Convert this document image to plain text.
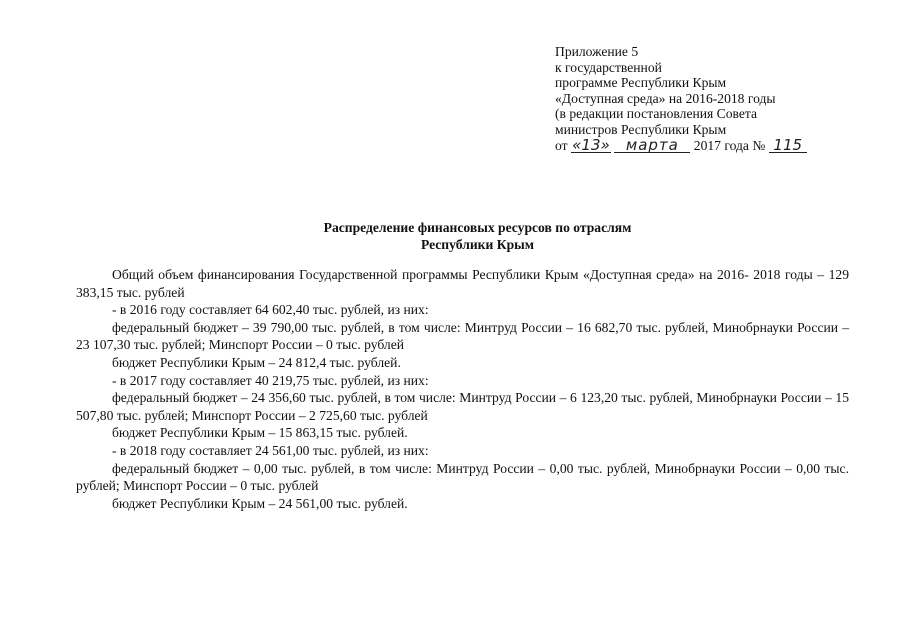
Приложение 5
к государственной
программе Республики Крым
«Доступная среда» на 2016-2018 годы
(в редакции постановления Совета
министров Республики Крым
от «13» марта 2017 года № 115
Распределение финансовых ресурсов по отраслям
Республики Крым

Общий объем финансирования Государственной программы Республики Крым «Доступная среда» на 2016- 2018 годы – 129 383,15 тыс. рублей

- в 2016 году составляет 64 602,40 тыс. рублей, из них:

федеральный бюджет – 39 790,00 тыс. рублей, в том числе: Минтруд России – 16 682,70 тыс. рублей, Минобрнауки России – 23 107,30 тыс. рублей; Минспорт России – 0 тыс. рублей

бюджет Республики Крым – 24 812,4 тыс. рублей.

- в 2017 году составляет 40 219,75 тыс. рублей, из них:

федеральный бюджет – 24 356,60 тыс. рублей, в том числе: Минтруд России – 6 123,20 тыс. рублей, Минобрнауки России – 15 507,80 тыс. рублей; Минспорт России – 2 725,60 тыс. рублей

бюджет Республики Крым – 15 863,15 тыс. рублей.

- в 2018 году составляет 24 561,00 тыс. рублей, из них:

федеральный бюджет – 0,00 тыс. рублей, в том числе: Минтруд России – 0,00 тыс. рублей, Минобрнауки России – 0,00 тыс. рублей; Минспорт России – 0 тыс. рублей

бюджет Республики Крым – 24 561,00 тыс. рублей.
